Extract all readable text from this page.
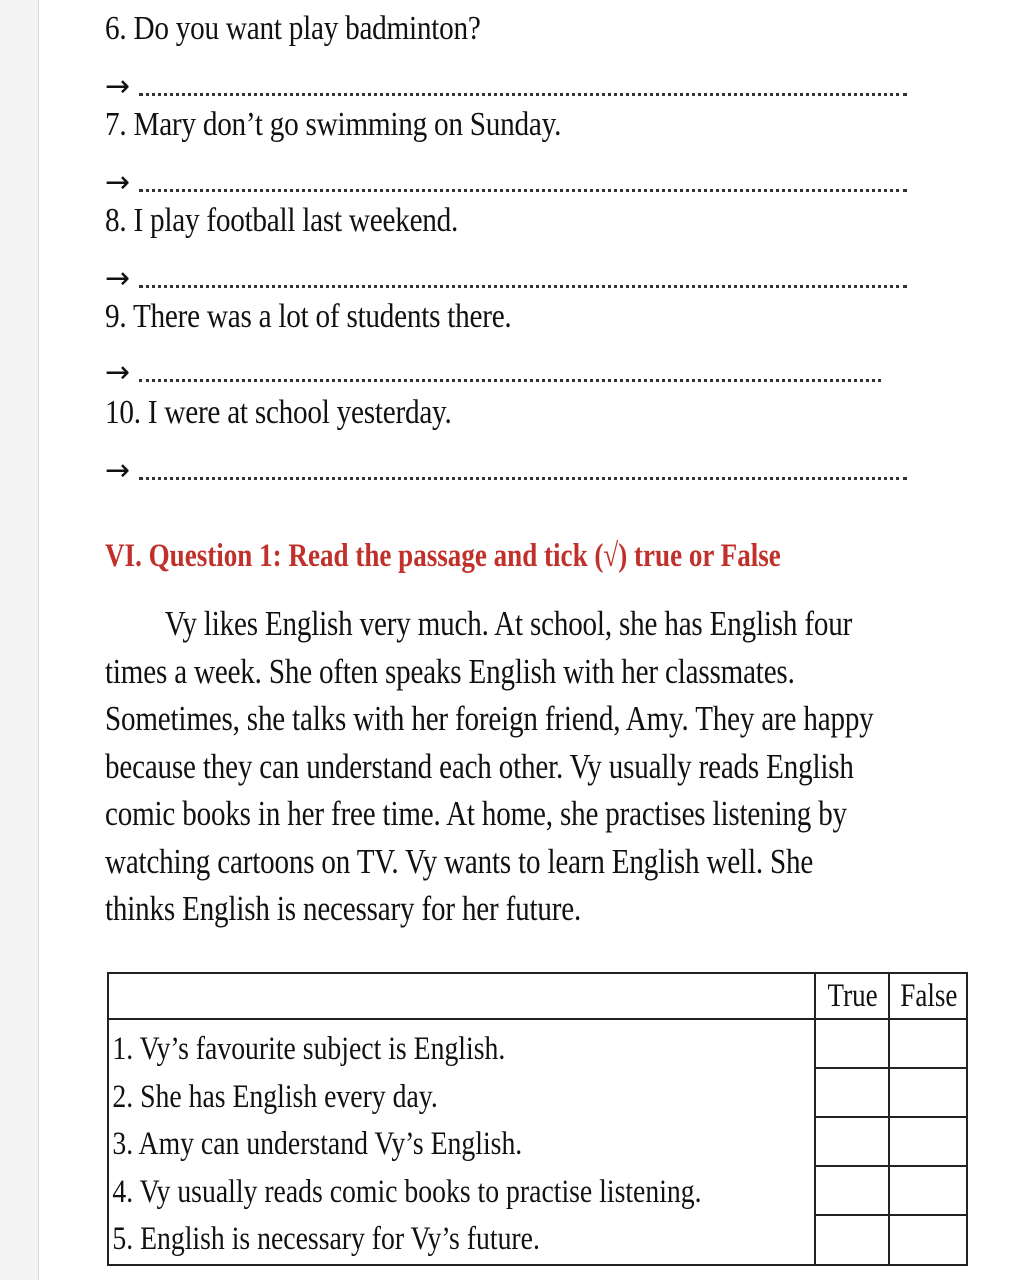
6. Do you want play badminton?
→
7. Mary don’t go swimming on Sunday.
→
8. I play football last weekend.
→
9. There was a lot of students there.
→
10. I were at school yesterday.
→
VI. Question 1: Read the passage and tick (√) true or False
Vy likes English very much. At school, she has English four
times a week. She often speaks English with her classmates.
Sometimes, she talks with her foreign friend, Amy. They are happy
because they can understand each other. Vy usually reads English
comic books in her free time. At home, she practises listening by
watching cartoons on TV. Vy wants to learn English well. She
thinks English is necessary for her future.
	True	False

1. Vy’s favourite subject is English.
2. She has English every day.
3. Amy can understand Vy’s English.
4. Vy usually reads comic books to practise listening.
5. English is necessary for Vy’s future.		
